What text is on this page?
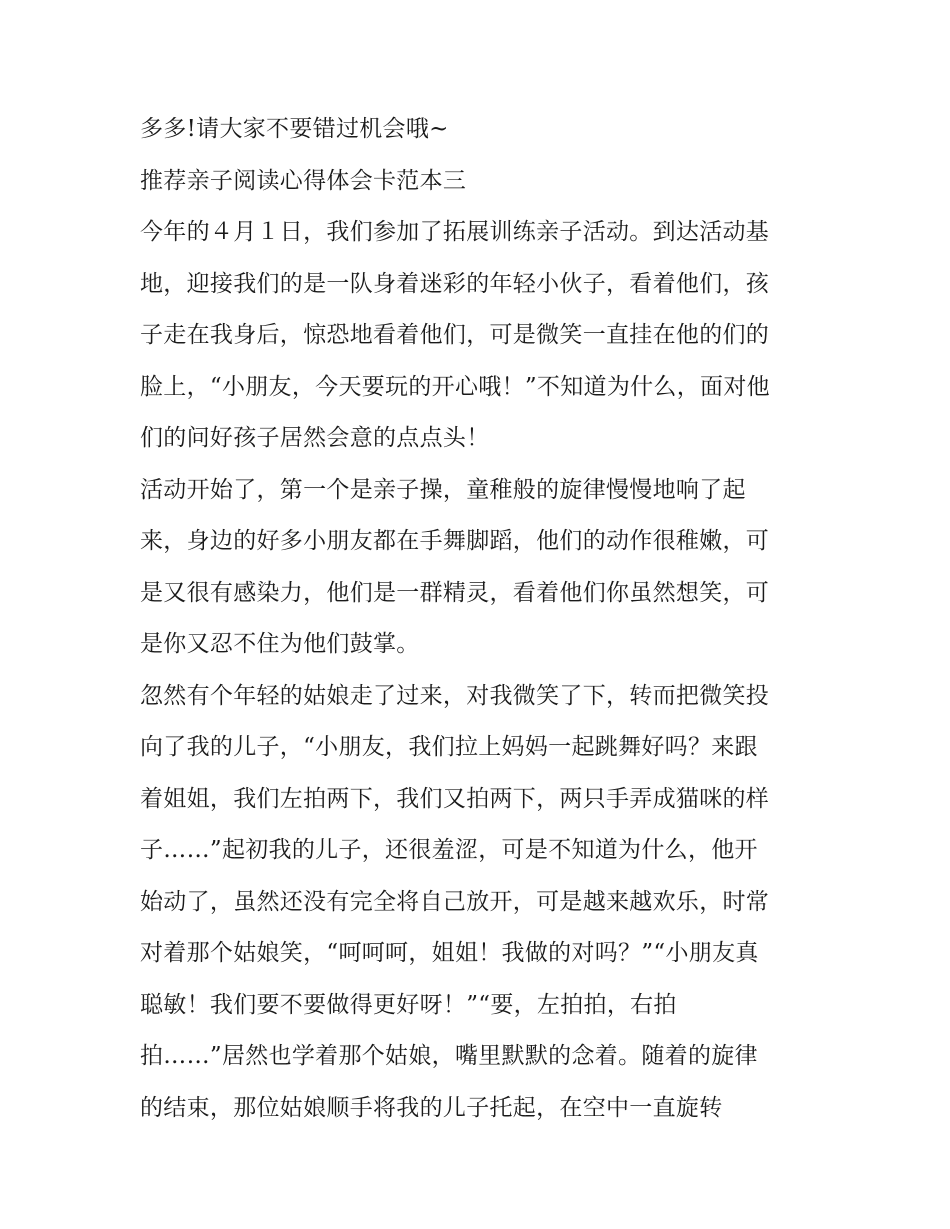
多多!请大家不要错过机会哦~
推荐亲子阅读心得体会卡范本三
今年的４月１日，我们参加了拓展训练亲子活动。到达活动基
地，迎接我们的是一队身着迷彩的年轻小伙子，看着他们，孩
子走在我身后，惊恐地看着他们，可是微笑一直挂在他的们的
脸上，“小朋友，今天要玩的开心哦！”不知道为什么，面对他
们的问好孩子居然会意的点点头！
活动开始了，第一个是亲子操，童稚般的旋律慢慢地响了起
来，身边的好多小朋友都在手舞脚蹈，他们的动作很稚嫩，可
是又很有感染力，他们是一群精灵，看着他们你虽然想笑，可
是你又忍不住为他们鼓掌。
忽然有个年轻的姑娘走了过来，对我微笑了下，转而把微笑投
向了我的儿子，“小朋友，我们拉上妈妈一起跳舞好吗？来跟
着姐姐，我们左拍两下，我们又拍两下，两只手弄成猫咪的样
子……”起初我的儿子，还很羞涩，可是不知道为什么，他开
始动了，虽然还没有完全将自己放开，可是越来越欢乐，时常
对着那个姑娘笑，“呵呵呵，姐姐！我做的对吗？”“小朋友真
聪敏！我们要不要做得更好呀！”“要，左拍拍，右拍
拍……”居然也学着那个姑娘，嘴里默默的念着。随着的旋律
的结束，那位姑娘顺手将我的儿子托起，在空中一直旋转
